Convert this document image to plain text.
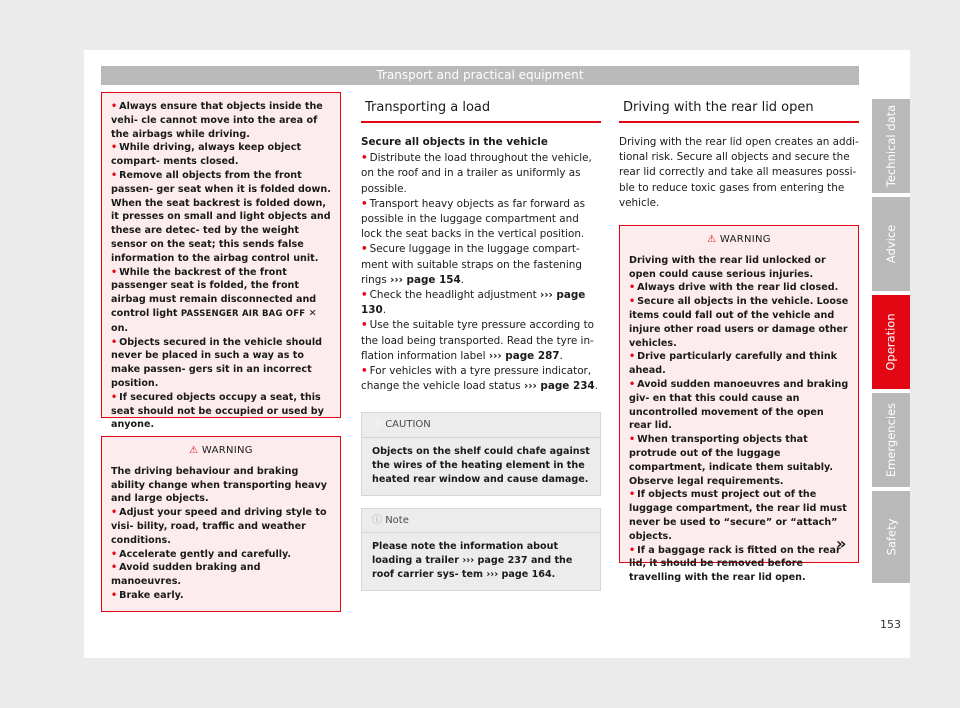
Transport and practical equipment

• Always ensure that objects inside the vehi- cle cannot move into the area of the airbags while driving.

• While driving, always keep object compart- ments closed.

• Remove all objects from the front passen- ger seat when it is folded down. When the seat backrest is folded down, it presses on small and light objects and these are detec- ted by the weight sensor on the seat; this sends false information to the airbag control unit.

• While the backrest of the front passenger seat is folded, the front airbag must remain disconnected and control light PASSENGER AIR BAG OFF ✕ on.

• Objects secured in the vehicle should never be placed in such a way as to make passen- gers sit in an incorrect position.

• If secured objects occupy a seat, this seat should not be occupied or used by anyone.

⚠ WARNING

The driving behaviour and braking ability change when transporting heavy and large objects.

• Adjust your speed and driving style to visi- bility, road, traffic and weather conditions.

• Accelerate gently and carefully.

• Avoid sudden braking and manoeuvres.

• Brake early.

Transporting a load

Secure all objects in the vehicle

• Distribute the load throughout the vehicle, on the roof and in a trailer as uniformly as possible.

• Transport heavy objects as far forward as possible in the luggage compartment and lock the seat backs in the vertical position.

• Secure luggage in the luggage compart- ment with suitable straps on the fastening rings ››› page 154.

• Check the headlight adjustment ››› page 130.

• Use the suitable tyre pressure according to the load being transported. Read the tyre in- flation information label ››› page 287.

• For vehicles with a tyre pressure indicator, change the vehicle load status ››› page 234.

ⓘ CAUTION
Objects on the shelf could chafe against the wires of the heating element in the heated rear window and cause damage.
ⓘ Note
Please note the information about loading a trailer ››› page 237 and the roof carrier sys- tem ››› page 164.
Driving with the rear lid open
Driving with the rear lid open creates an addi- tional risk. Secure all objects and secure the rear lid correctly and take all measures possi- ble to reduce toxic gases from entering the vehicle.
⚠ WARNING

Driving with the rear lid unlocked or open could cause serious injuries.

• Always drive with the rear lid closed.

• Secure all objects in the vehicle. Loose items could fall out of the vehicle and injure other road users or damage other vehicles.

• Drive particularly carefully and think ahead.

• Avoid sudden manoeuvres and braking giv- en that this could cause an uncontrolled movement of the open rear lid.

• When transporting objects that protrude out of the luggage compartment, indicate them suitably. Observe legal requirements.

• If objects must project out of the luggage compartment, the rear lid must never be used to “secure” or “attach” objects.

• If a baggage rack is fitted on the rear lid, it should be removed before travelling with the rear lid open.

»
Technical data
Advice
Operation
Emergencies
Safety
153
